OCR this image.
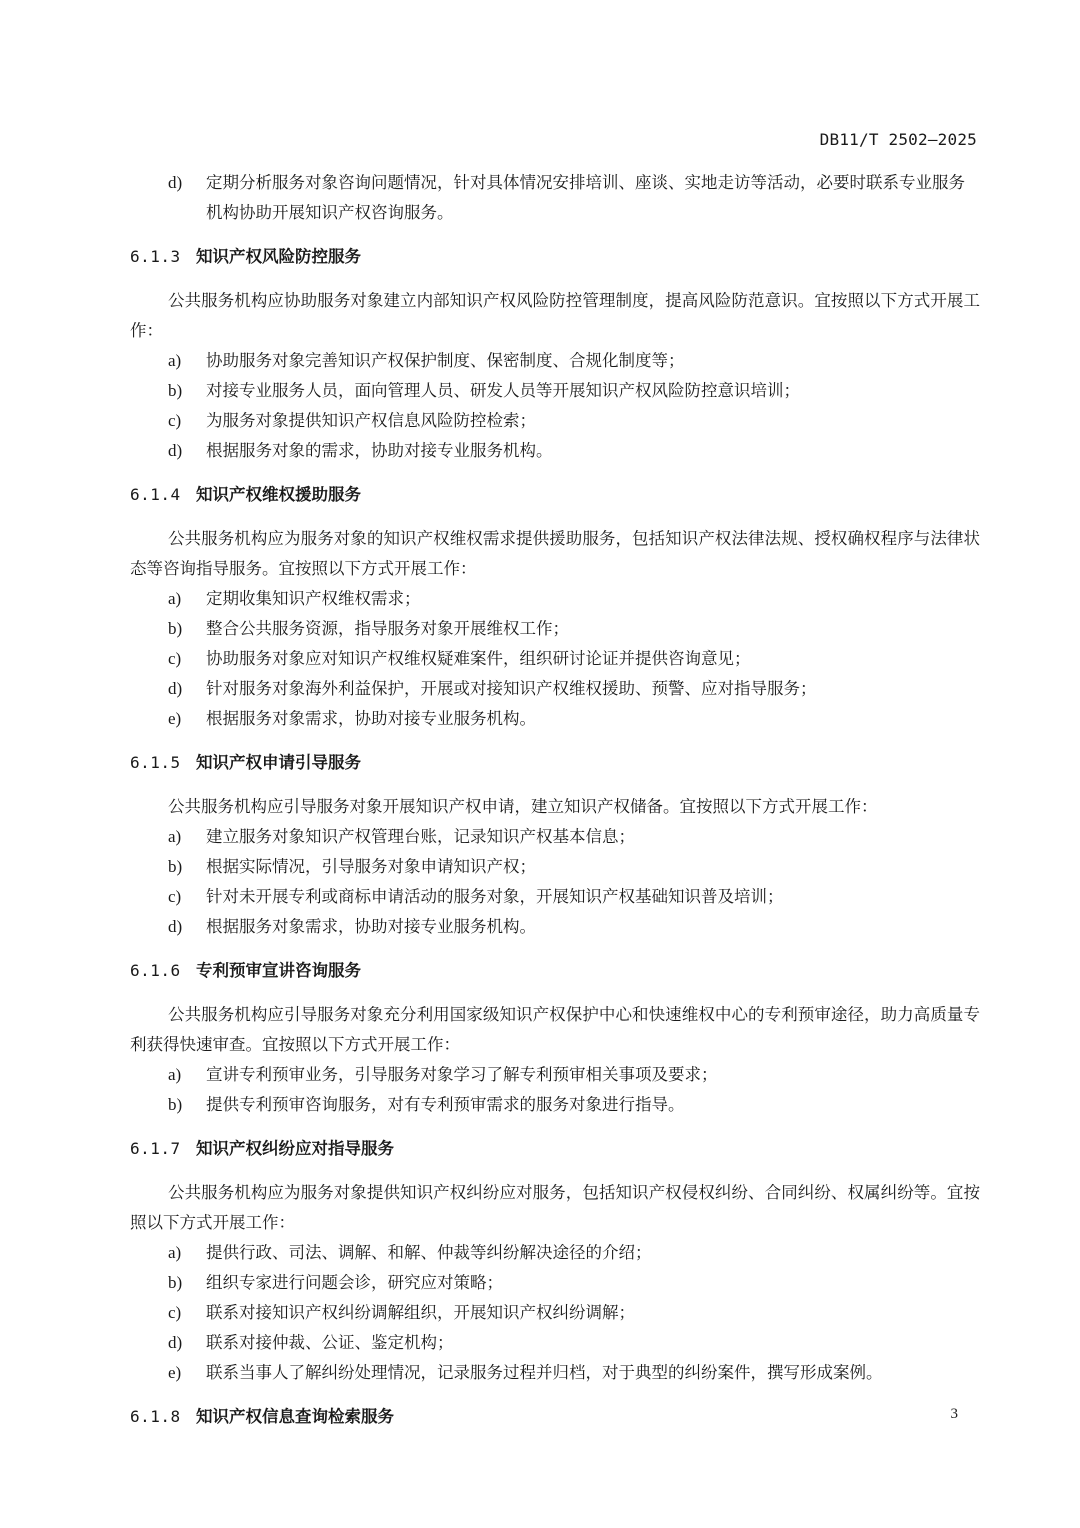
DB11/T 2502—2025
d) 定期分析服务对象咨询问题情况，针对具体情况安排培训、座谈、实地走访等活动，必要时联系专业服务机构协助开展知识产权咨询服务。
6.1.3 知识产权风险防控服务
公共服务机构应协助服务对象建立内部知识产权风险防控管理制度，提高风险防范意识。宜按照以下方式开展工作：
a) 协助服务对象完善知识产权保护制度、保密制度、合规化制度等；
b) 对接专业服务人员，面向管理人员、研发人员等开展知识产权风险防控意识培训；
c) 为服务对象提供知识产权信息风险防控检索；
d) 根据服务对象的需求，协助对接专业服务机构。
6.1.4 知识产权维权援助服务
公共服务机构应为服务对象的知识产权维权需求提供援助服务，包括知识产权法律法规、授权确权程序与法律状态等咨询指导服务。宜按照以下方式开展工作：
a) 定期收集知识产权维权需求；
b) 整合公共服务资源，指导服务对象开展维权工作；
c) 协助服务对象应对知识产权维权疑难案件，组织研讨论证并提供咨询意见；
d) 针对服务对象海外利益保护，开展或对接知识产权维权援助、预警、应对指导服务；
e) 根据服务对象需求，协助对接专业服务机构。
6.1.5 知识产权申请引导服务
公共服务机构应引导服务对象开展知识产权申请，建立知识产权储备。宜按照以下方式开展工作：
a) 建立服务对象知识产权管理台账，记录知识产权基本信息；
b) 根据实际情况，引导服务对象申请知识产权；
c) 针对未开展专利或商标申请活动的服务对象，开展知识产权基础知识普及培训；
d) 根据服务对象需求，协助对接专业服务机构。
6.1.6 专利预审宣讲咨询服务
公共服务机构应引导服务对象充分利用国家级知识产权保护中心和快速维权中心的专利预审途径，助力高质量专利获得快速审查。宜按照以下方式开展工作：
a) 宣讲专利预审业务，引导服务对象学习了解专利预审相关事项及要求；
b) 提供专利预审咨询服务，对有专利预审需求的服务对象进行指导。
6.1.7 知识产权纠纷应对指导服务
公共服务机构应为服务对象提供知识产权纠纷应对服务，包括知识产权侵权纠纷、合同纠纷、权属纠纷等。宜按照以下方式开展工作：
a) 提供行政、司法、调解、和解、仲裁等纠纷解决途径的介绍；
b) 组织专家进行问题会诊，研究应对策略；
c) 联系对接知识产权纠纷调解组织，开展知识产权纠纷调解；
d) 联系对接仲裁、公证、鉴定机构；
e) 联系当事人了解纠纷处理情况，记录服务过程并归档，对于典型的纠纷案件，撰写形成案例。
6.1.8 知识产权信息查询检索服务	3
